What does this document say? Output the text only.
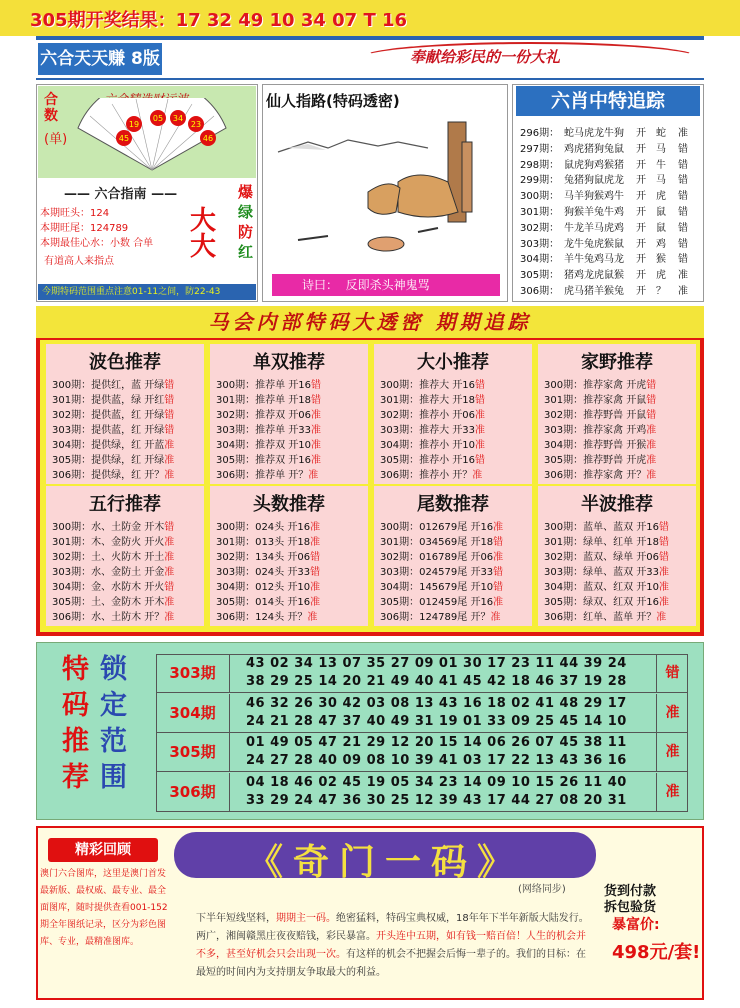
305期开奖结果：17 32 49 10 34 07 T 16
六合天天赚 8版	奉献给彩民的一份大礼
合数
(单)
19
05 34
23
45	46
—— 六合指南 ——
本期旺头：124
本期旺尾：124789
本期最佳心水：小数 合单
有道高人来指点
大
大
爆
绿
防
红
今期特码范围重点注意01-11之间，防22-43
仙人指路(特码透密)
诗曰： 反即杀头神鬼骂
六肖中特追踪
296期： 蛇马虎龙牛狗 开 蛇 准
297期： 鸡虎猪狗兔鼠 开 马 错
298期： 鼠虎狗鸡猴猪 开 牛 错
299期： 兔猪狗鼠虎龙 开 马 错
300期： 马羊狗猴鸡牛 开 虎 错
301期： 狗猴羊兔牛鸡 开 鼠 错
302期： 牛龙羊马虎鸡 开 鼠 错
303期： 龙牛兔虎猴鼠 开 鸡 错
304期： 羊牛兔鸡马龙 开 猴 错
305期： 猪鸡龙虎鼠猴 开 虎 准
306期： 虎马猪羊猴兔 开 ？ 准
马会内部特码大透密 期期追踪
波色推荐
300期：提供红，蓝 开绿错
301期：提供蓝，绿 开红错
302期：提供蓝，红 开绿错
303期：提供蓝，红 开绿错
304期：提供绿，红 开蓝准
305期：提供绿，红 开绿准
306期：提供绿，红 开？准
单双推荐
300期：推荐单 开16错
301期：推荐单 开18错
302期：推荐双 开06准
303期：推荐单 开33准
304期：推荐双 开10准
305期：推荐双 开16准
306期：推荐单 开？准
大小推荐
300期：推荐大 开16错
301期：推荐大 开18错
302期：推荐小 开06准
303期：推荐大 开33准
304期：推荐小 开10准
305期：推荐小 开16错
306期：推荐小 开？准
家野推荐
300期：推荐家禽 开虎错
301期：推荐家禽 开鼠错
302期：推荐野兽 开鼠错
303期：推荐家禽 开鸡准
304期：推荐野兽 开猴准
305期：推荐野兽 开虎准
306期：推荐家禽 开？准
五行推荐
300期：水、土防金 开木错
301期：木、金防火 开火准
302期：土、火防木 开土准
303期：水、金防土 开金准
304期：金、水防木 开火错
305期：土、金防木 开木准
306期：水、土防木 开？准
头数推荐
300期：024头 开16准
301期：013头 开18准
302期：134头 开06错
303期：024头 开33错
304期：012头 开10准
305期：014头 开16准
306期：124头 开？准
尾数推荐
300期：012679尾 开16准
301期：034569尾 开18错
302期：016789尾 开06准
303期：024579尾 开33错
304期：145679尾 开10错
305期：012459尾 开16准
306期：124789尾 开？准
半波推荐
300期：蓝单、蓝双 开16错
301期：绿单、红单 开18错
302期：蓝双、绿单 开06错
303期：绿单、蓝双 开33准
304期：蓝双、红双 开10准
305期：绿双、红双 开16准
306期：红单、蓝单 开？准
特
码
推
荐
锁
定
范
围
303期
43 02 34 13 07 35 27 09 01 30 17 23 11 44 39 24
38 29 25 14 20 21 49 40 41 45 42 18 46 37 19 28
错
304期
46 32 26 30 42 03 08 13 43 16 18 02 41 48 29 17
24 21 28 47 37 40 49 31 19 01 33 09 25 45 14 10
准
305期
01 49 05 47 21 29 12 20 15 14 06 26 07 45 38 11
24 27 28 40 09 08 10 39 41 03 17 22 13 43 36 16
准
306期
04 18 46 02 45 19 05 34 23 14 09 10 15 26 11 40
33 29 24 47 36 30 25 12 39 43 17 44 27 08 20 31
准
精彩回顾
澳门六合图库，这里是澳门首发最新版、最权威、最专业、最全面图库，随时提供查看001-152期全年图纸记录，区分为彩色图库、专业，最精准图库。
《奇门一码》
(网络同步)
下半年短线坚料，期期主一码。绝密猛料，特码宝典权威，18年年下半年新版大陆发行。两广，湘闽赣黑庄夜夜赔钱，彩民暴富。开头连中五期，如有钱一赔百倍！人生的机会并不多，甚至好机会只会出现一次。有这样的机会不把握会后悔一辈子的。我们的目标：在最短的时间内为支持朋友争取最大的利益。
货到付款
拆包验货
暴富价:
498元/套!
